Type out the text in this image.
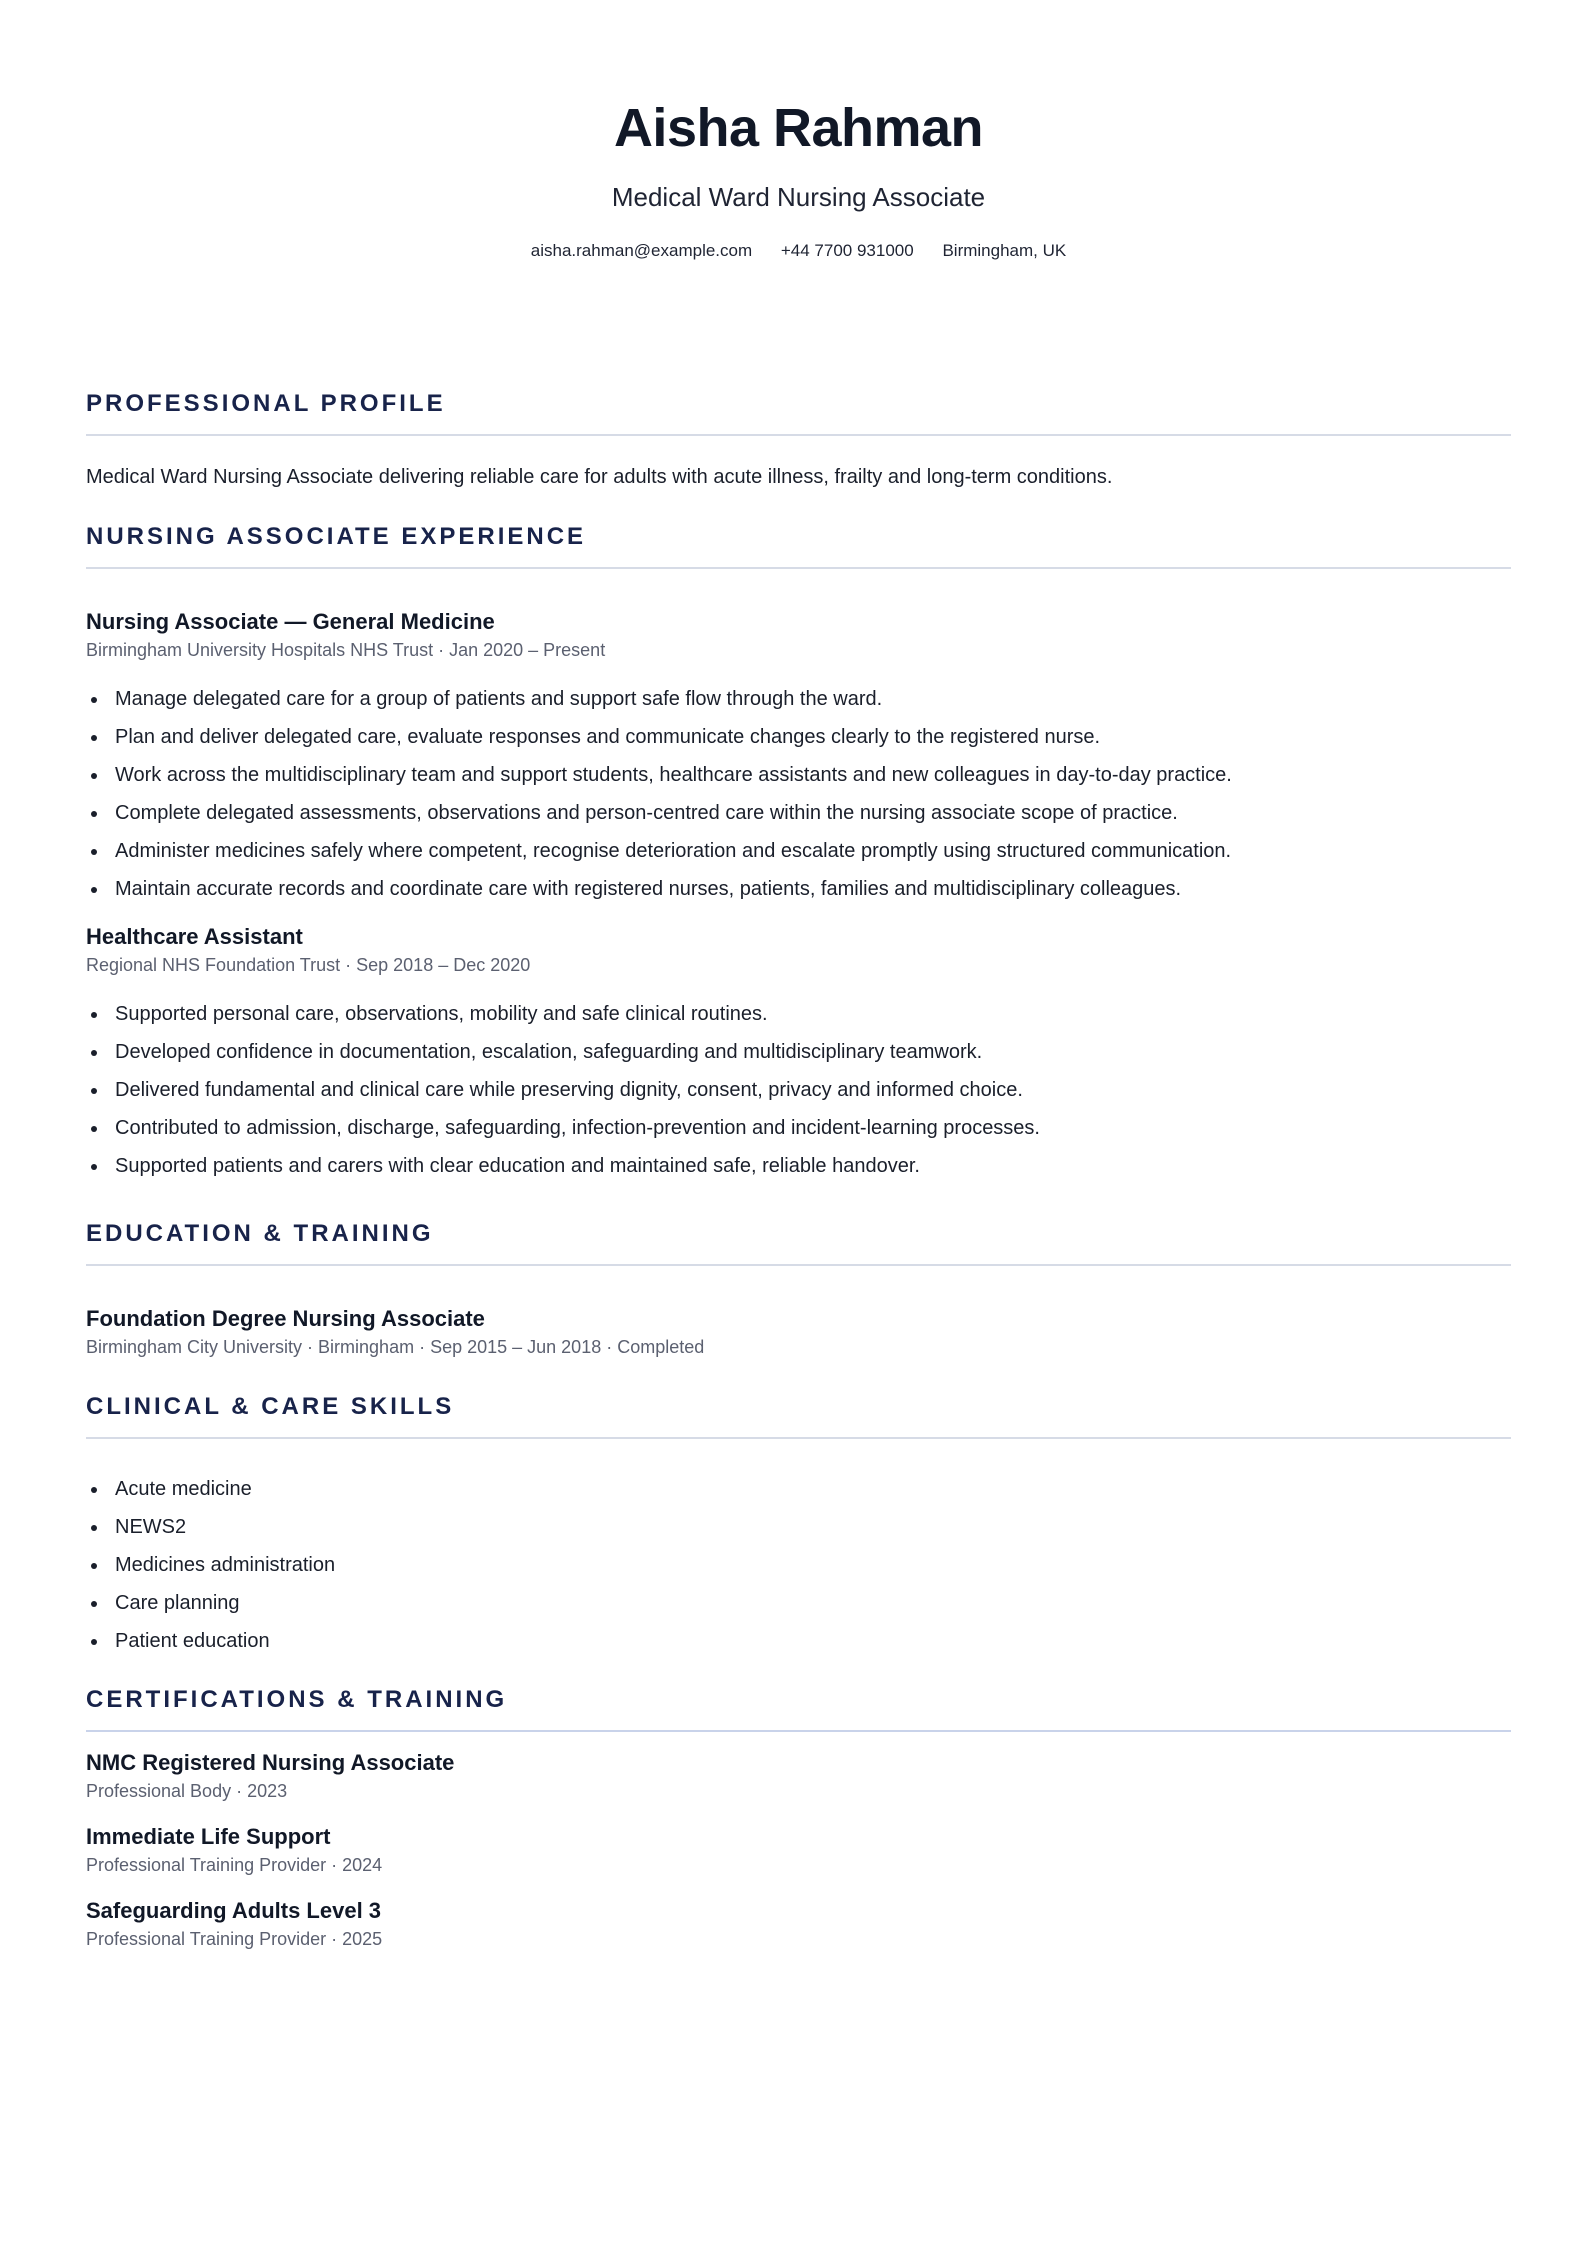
Aisha Rahman
Medical Ward Nursing Associate
aisha.rahman@example.com +44 7700 931000 Birmingham, UK
PROFESSIONAL PROFILE
Medical Ward Nursing Associate delivering reliable care for adults with acute illness, frailty and long-term conditions.
NURSING ASSOCIATE EXPERIENCE
Nursing Associate — General Medicine
Birmingham University Hospitals NHS Trust · Jan 2020 – Present
Manage delegated care for a group of patients and support safe flow through the ward.
Plan and deliver delegated care, evaluate responses and communicate changes clearly to the registered nurse.
Work across the multidisciplinary team and support students, healthcare assistants and new colleagues in day-to-day practice.
Complete delegated assessments, observations and person-centred care within the nursing associate scope of practice.
Administer medicines safely where competent, recognise deterioration and escalate promptly using structured communication.
Maintain accurate records and coordinate care with registered nurses, patients, families and multidisciplinary colleagues.
Healthcare Assistant
Regional NHS Foundation Trust · Sep 2018 – Dec 2020
Supported personal care, observations, mobility and safe clinical routines.
Developed confidence in documentation, escalation, safeguarding and multidisciplinary teamwork.
Delivered fundamental and clinical care while preserving dignity, consent, privacy and informed choice.
Contributed to admission, discharge, safeguarding, infection-prevention and incident-learning processes.
Supported patients and carers with clear education and maintained safe, reliable handover.
EDUCATION & TRAINING
Foundation Degree Nursing Associate
Birmingham City University · Birmingham · Sep 2015 – Jun 2018 · Completed
CLINICAL & CARE SKILLS
Acute medicine
NEWS2
Medicines administration
Care planning
Patient education
CERTIFICATIONS & TRAINING
NMC Registered Nursing Associate
Professional Body · 2023
Immediate Life Support
Professional Training Provider · 2024
Safeguarding Adults Level 3
Professional Training Provider · 2025
